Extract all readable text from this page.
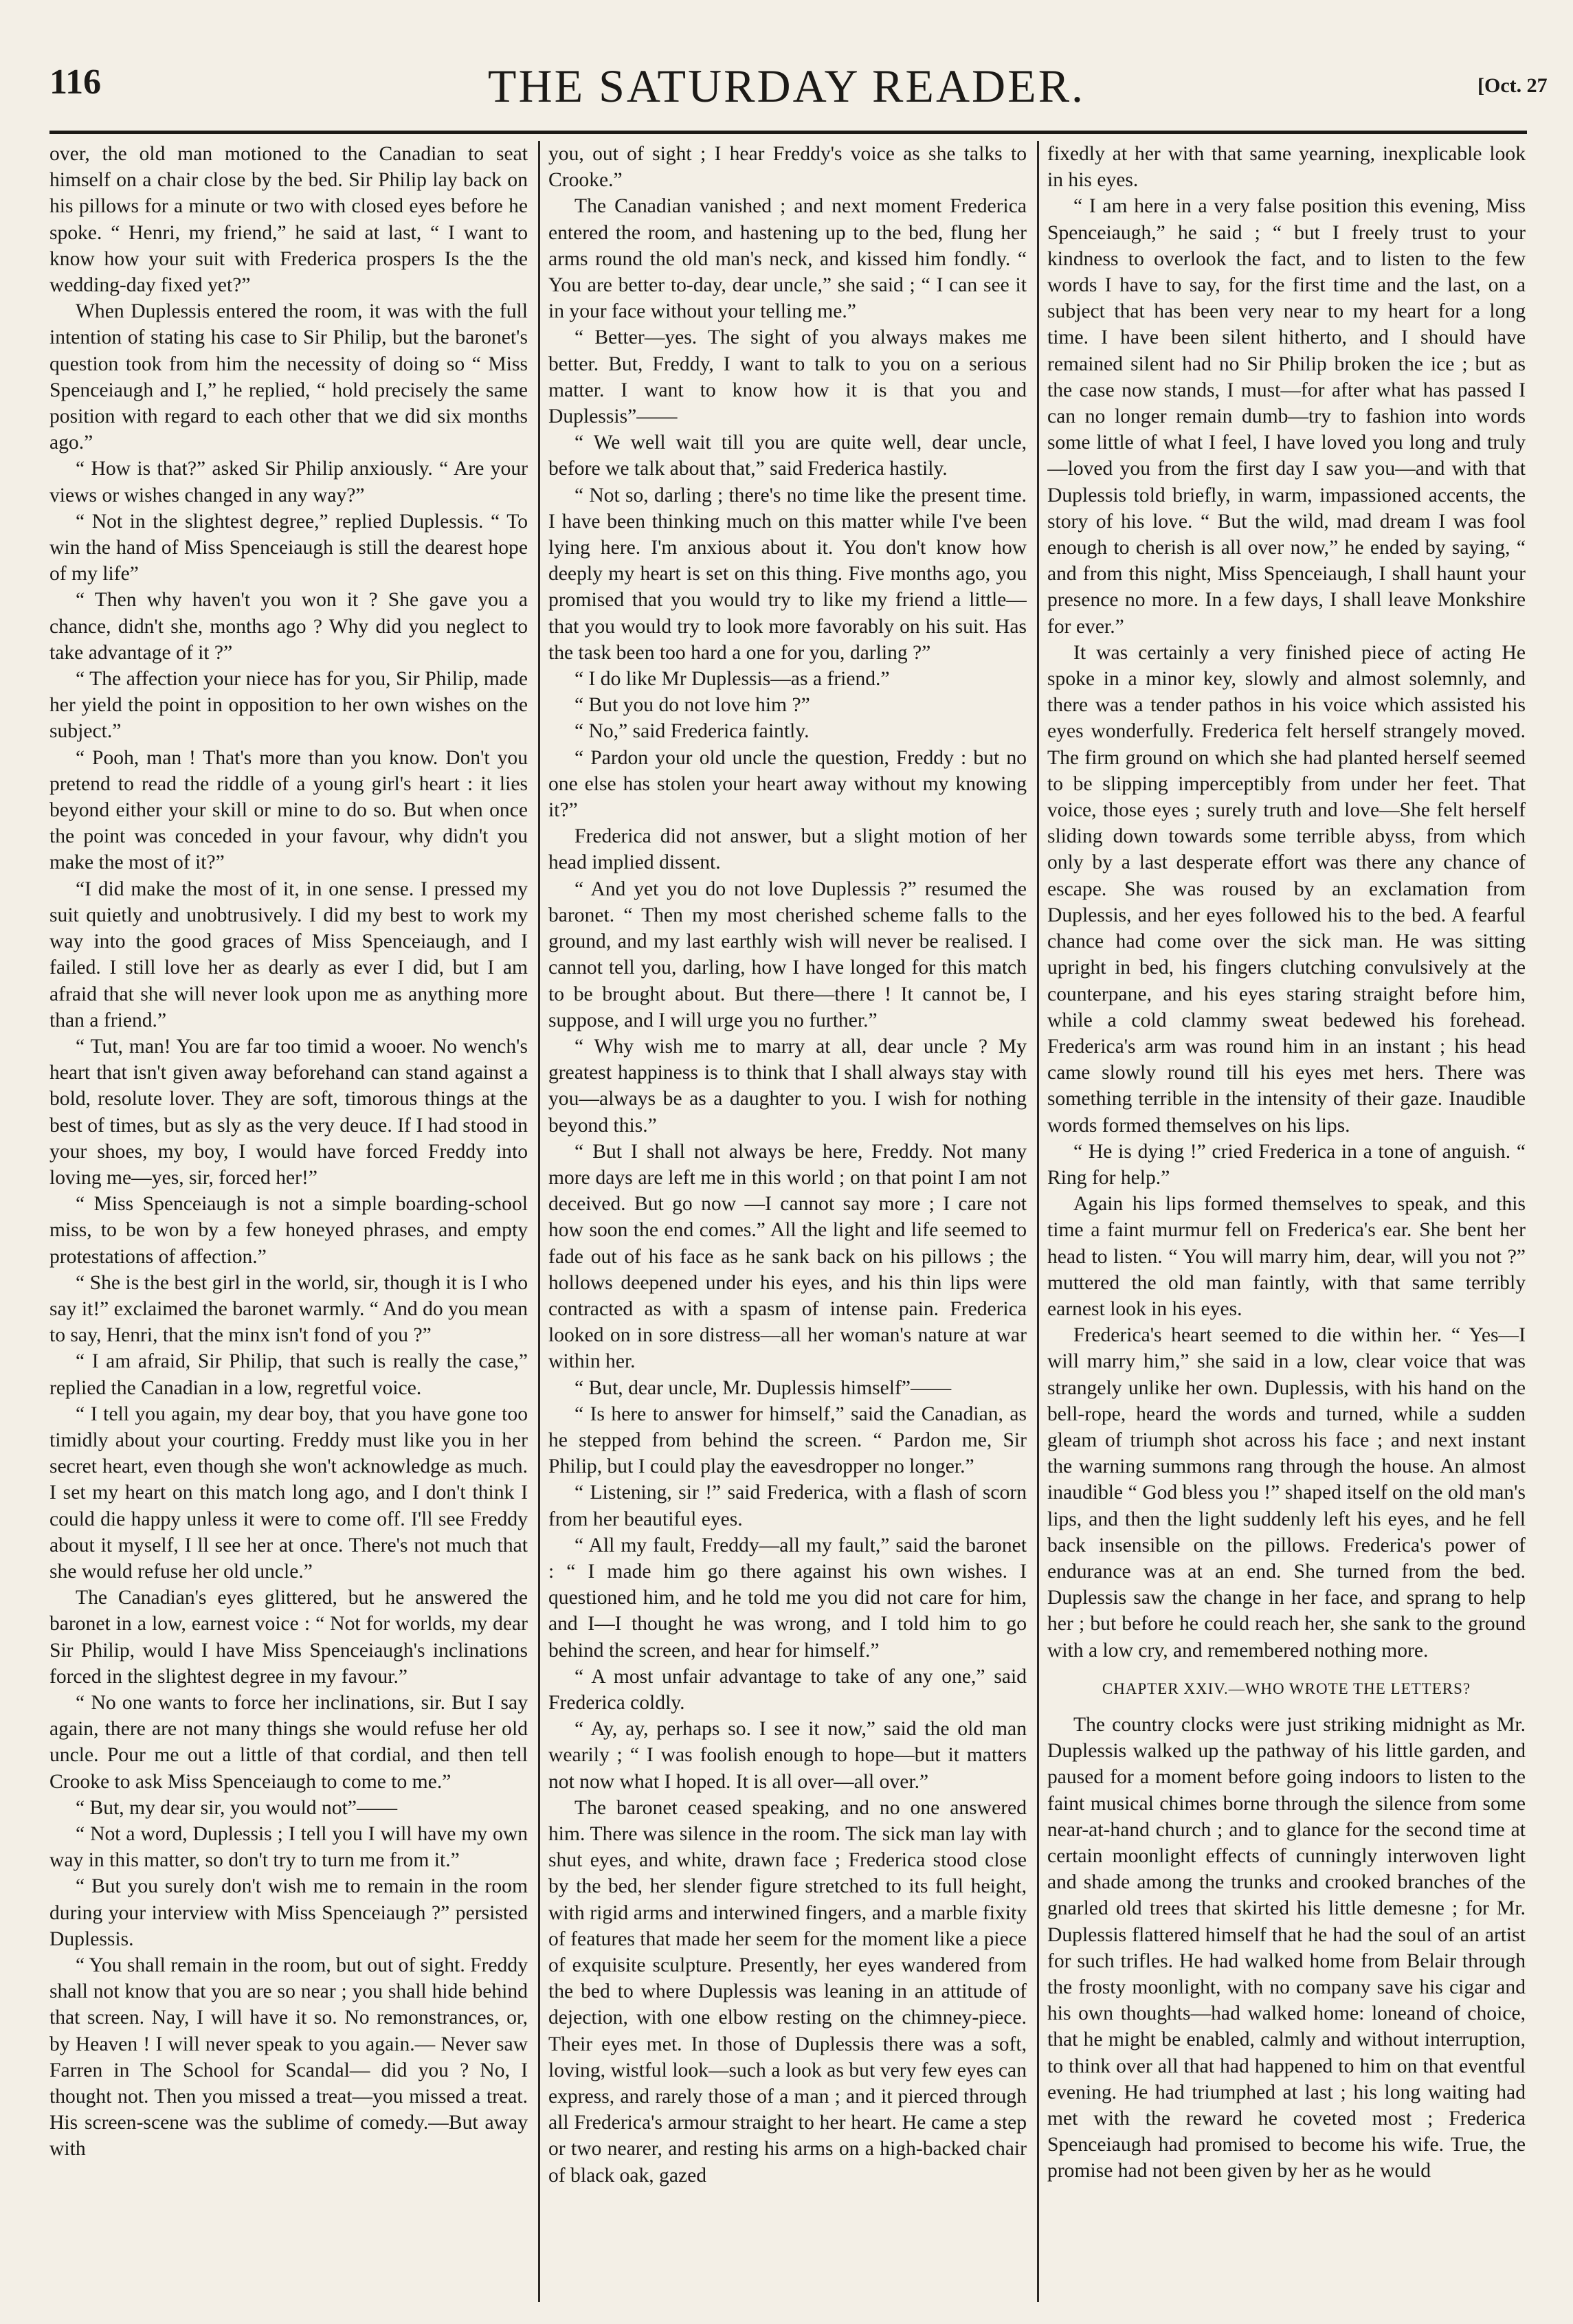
116	THE SATURDAY READER.	[Oct. 27

over, the old man motioned to the Canadian to seat himself on a chair close by the bed. Sir Philip lay back on his pillows for a minute or two with closed eyes before he spoke. “ Henri, my friend,” he said at last, “ I want to know how your suit with Frederica prospers Is the the wedding-day fixed yet?”

When Duplessis entered the room, it was with the full intention of stating his case to Sir Philip, but the baronet's question took from him the necessity of doing so “ Miss Spenceiaugh and I,” he replied, “ hold precisely the same position with regard to each other that we did six months ago.”

“ How is that?” asked Sir Philip anxiously. “ Are your views or wishes changed in any way?”

“ Not in the slightest degree,” replied Duplessis. “ To win the hand of Miss Spenceiaugh is still the dearest hope of my life”

“ Then why haven't you won it ? She gave you a chance, didn't she, months ago ? Why did you neglect to take advantage of it ?”

“ The affection your niece has for you, Sir Philip, made her yield the point in opposition to her own wishes on the subject.”

“ Pooh, man ! That's more than you know. Don't you pretend to read the riddle of a young girl's heart : it lies beyond either your skill or mine to do so. But when once the point was conceded in your favour, why didn't you make the most of it?”

“I did make the most of it, in one sense. I pressed my suit quietly and unobtrusively. I did my best to work my way into the good graces of Miss Spenceiaugh, and I failed. I still love her as dearly as ever I did, but I am afraid that she will never look upon me as anything more than a friend.”

“ Tut, man! You are far too timid a wooer. No wench's heart that isn't given away beforehand can stand against a bold, resolute lover. They are soft, timorous things at the best of times, but as sly as the very deuce. If I had stood in your shoes, my boy, I would have forced Freddy into loving me—yes, sir, forced her!”

“ Miss Spenceiaugh is not a simple boarding-school miss, to be won by a few honeyed phrases, and empty protestations of affection.”

“ She is the best girl in the world, sir, though it is I who say it!” exclaimed the baronet warmly. “ And do you mean to say, Henri, that the minx isn't fond of you ?”

“ I am afraid, Sir Philip, that such is really the case,” replied the Canadian in a low, regretful voice.

“ I tell you again, my dear boy, that you have gone too timidly about your courting. Freddy must like you in her secret heart, even though she won't acknowledge as much. I set my heart on this match long ago, and I don't think I could die happy unless it were to come off. I'll see Freddy about it myself, I ll see her at once. There's not much that she would refuse her old uncle.”

The Canadian's eyes glittered, but he answered the baronet in a low, earnest voice : “ Not for worlds, my dear Sir Philip, would I have Miss Spenceiaugh's inclinations forced in the slightest degree in my favour.”

“ No one wants to force her inclinations, sir. But I say again, there are not many things she would refuse her old uncle. Pour me out a little of that cordial, and then tell Crooke to ask Miss Spenceiaugh to come to me.”

“ But, my dear sir, you would not”——

“ Not a word, Duplessis ; I tell you I will have my own way in this matter, so don't try to turn me from it.”

“ But you surely don't wish me to remain in the room during your interview with Miss Spenceiaugh ?” persisted Duplessis.

“ You shall remain in the room, but out of sight. Freddy shall not know that you are so near ; you shall hide behind that screen. Nay, I will have it so. No remonstrances, or, by Heaven ! I will never speak to you again.— Never saw Farren in The School for Scandal— did you ? No, I thought not. Then you missed a treat—you missed a treat. His screen-scene was the sublime of comedy.—But away with

you, out of sight ; I hear Freddy's voice as she talks to Crooke.”

The Canadian vanished ; and next moment Frederica entered the room, and hastening up to the bed, flung her arms round the old man's neck, and kissed him fondly. “ You are better to-day, dear uncle,” she said ; “ I can see it in your face without your telling me.”

“ Better—yes. The sight of you always makes me better. But, Freddy, I want to talk to you on a serious matter. I want to know how it is that you and Duplessis”——

“ We well wait till you are quite well, dear uncle, before we talk about that,” said Frederica hastily.

“ Not so, darling ; there's no time like the present time. I have been thinking much on this matter while I've been lying here. I'm anxious about it. You don't know how deeply my heart is set on this thing. Five months ago, you promised that you would try to like my friend a little—that you would try to look more favorably on his suit. Has the task been too hard a one for you, darling ?”

“ I do like Mr Duplessis—as a friend.”

“ But you do not love him ?”

“ No,” said Frederica faintly.

“ Pardon your old uncle the question, Freddy : but no one else has stolen your heart away without my knowing it?”

Frederica did not answer, but a slight motion of her head implied dissent.

“ And yet you do not love Duplessis ?” resumed the baronet. “ Then my most cherished scheme falls to the ground, and my last earthly wish will never be realised. I cannot tell you, darling, how I have longed for this match to be brought about. But there—there ! It cannot be, I suppose, and I will urge you no further.”

“ Why wish me to marry at all, dear uncle ? My greatest happiness is to think that I shall always stay with you—always be as a daughter to you. I wish for nothing beyond this.”

“ But I shall not always be here, Freddy. Not many more days are left me in this world ; on that point I am not deceived. But go now —I cannot say more ; I care not how soon the end comes.” All the light and life seemed to fade out of his face as he sank back on his pillows ; the hollows deepened under his eyes, and his thin lips were contracted as with a spasm of intense pain. Frederica looked on in sore distress—all her woman's nature at war within her.

“ But, dear uncle, Mr. Duplessis himself”——

“ Is here to answer for himself,” said the Canadian, as he stepped from behind the screen. “ Pardon me, Sir Philip, but I could play the eavesdropper no longer.”

“ Listening, sir !” said Frederica, with a flash of scorn from her beautiful eyes.

“ All my fault, Freddy—all my fault,” said the baronet : “ I made him go there against his own wishes. I questioned him, and he told me you did not care for him, and I—I thought he was wrong, and I told him to go behind the screen, and hear for himself.”

“ A most unfair advantage to take of any one,” said Frederica coldly.

“ Ay, ay, perhaps so. I see it now,” said the old man wearily ; “ I was foolish enough to hope—but it matters not now what I hoped. It is all over—all over.”

The baronet ceased speaking, and no one answered him. There was silence in the room. The sick man lay with shut eyes, and white, drawn face ; Frederica stood close by the bed, her slender figure stretched to its full height, with rigid arms and interwined fingers, and a marble fixity of features that made her seem for the moment like a piece of exquisite sculpture. Presently, her eyes wandered from the bed to where Duplessis was leaning in an attitude of dejection, with one elbow resting on the chimney-piece. Their eyes met. In those of Duplessis there was a soft, loving, wistful look—such a look as but very few eyes can express, and rarely those of a man ; and it pierced through all Frederica's armour straight to her heart. He came a step or two nearer, and resting his arms on a high-backed chair of black oak, gazed

fixedly at her with that same yearning, inexplicable look in his eyes.

“ I am here in a very false position this evening, Miss Spenceiaugh,” he said ; “ but I freely trust to your kindness to overlook the fact, and to listen to the few words I have to say, for the first time and the last, on a subject that has been very near to my heart for a long time. I have been silent hitherto, and I should have remained silent had no Sir Philip broken the ice ; but as the case now stands, I must—for after what has passed I can no longer remain dumb—try to fashion into words some little of what I feel, I have loved you long and truly—loved you from the first day I saw you—and with that Duplessis told briefly, in warm, impassioned accents, the story of his love. “ But the wild, mad dream I was fool enough to cherish is all over now,” he ended by saying, “ and from this night, Miss Spenceiaugh, I shall haunt your presence no more. In a few days, I shall leave Monkshire for ever.”

It was certainly a very finished piece of acting He spoke in a minor key, slowly and almost solemnly, and there was a tender pathos in his voice which assisted his eyes wonderfully. Frederica felt herself strangely moved. The firm ground on which she had planted herself seemed to be slipping imperceptibly from under her feet. That voice, those eyes ; surely truth and love—She felt herself sliding down towards some terrible abyss, from which only by a last desperate effort was there any chance of escape. She was roused by an exclamation from Duplessis, and her eyes followed his to the bed. A fearful chance had come over the sick man. He was sitting upright in bed, his fingers clutching convulsively at the counterpane, and his eyes staring straight before him, while a cold clammy sweat bedewed his forehead. Frederica's arm was round him in an instant ; his head came slowly round till his eyes met hers. There was something terrible in the intensity of their gaze. Inaudible words formed themselves on his lips.

“ He is dying !” cried Frederica in a tone of anguish. “ Ring for help.”

Again his lips formed themselves to speak, and this time a faint murmur fell on Frederica's ear. She bent her head to listen. “ You will marry him, dear, will you not ?” muttered the old man faintly, with that same terribly earnest look in his eyes.

Frederica's heart seemed to die within her. “ Yes—I will marry him,” she said in a low, clear voice that was strangely unlike her own. Duplessis, with his hand on the bell-rope, heard the words and turned, while a sudden gleam of triumph shot across his face ; and next instant the warning summons rang through the house. An almost inaudible “ God bless you !” shaped itself on the old man's lips, and then the light suddenly left his eyes, and he fell back insensible on the pillows. Frederica's power of endurance was at an end. She turned from the bed. Duplessis saw the change in her face, and sprang to help her ; but before he could reach her, she sank to the ground with a low cry, and remembered nothing more.

CHAPTER XXIV.—WHO WROTE THE LETTERS?

The country clocks were just striking midnight as Mr. Duplessis walked up the pathway of his little garden, and paused for a moment before going indoors to listen to the faint musical chimes borne through the silence from some near-at-hand church ; and to glance for the second time at certain moonlight effects of cunningly interwoven light and shade among the trunks and crooked branches of the gnarled old trees that skirted his little demesne ; for Mr. Duplessis flattered himself that he had the soul of an artist for such trifles. He had walked home from Belair through the frosty moonlight, with no company save his cigar and his own thoughts—had walked home: loneand of choice, that he might be enabled, calmly and without interruption, to think over all that had happened to him on that eventful evening. He had triumphed at last ; his long waiting had met with the reward he coveted most ; Frederica Spenceiaugh had promised to become his wife. True, the promise had not been given by her as he would
